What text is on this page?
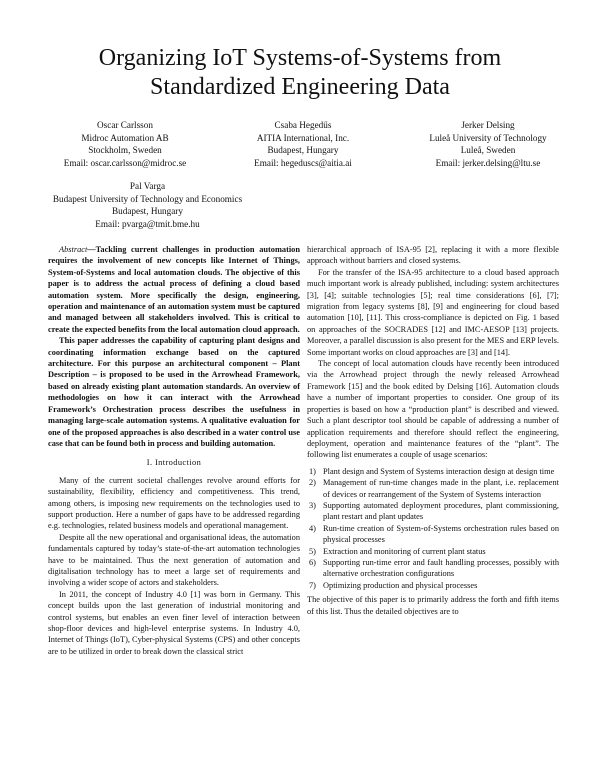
Organizing IoT Systems-of-Systems from
Standardized Engineering Data
Oscar Carlsson
Midroc Automation AB
Stockholm, Sweden
Email: oscar.carlsson@midroc.se
Csaba Hegedűs
AITIA International, Inc.
Budapest, Hungary
Email: hegeduscs@aitia.ai
Jerker Delsing
Luleå University of Technology
Luleå, Sweden
Email: jerker.delsing@ltu.se
Pal Varga
Budapest University of Technology and Economics
Budapest, Hungary
Email: pvarga@tmit.bme.hu

Abstract—Tackling current challenges in production automation requires the involvement of new concepts like Internet of Things, System-of-Systems and local automation clouds. The objective of this paper is to address the actual process of defining a cloud based automation system. More specifically the design, engineering, operation and maintenance of an automation system must be captured and managed between all stakeholders involved. This is critical to create the expected benefits from the local automation cloud approach.

This paper addresses the capability of capturing plant designs and coordinating information exchange based on the captured architecture. For this purpose an architectural component – Plant Description – is proposed to be used in the Arrowhead Framework, based on already existing plant automation standards. An overview of methodologies on how it can interact with the Arrowhead Framework’s Orchestration process describes the usefulness in managing large-scale automation systems. A qualitative evaluation for one of the proposed approaches is also described in a water control use case that can be found both in process and building automation.

I. Introduction

Many of the current societal challenges revolve around efforts for sustainability, flexibility, efficiency and competitiveness. This trend, among others, is imposing new requirements on the technologies used to support production. Here a number of gaps have to be addressed regarding e.g. technologies, related business models and operational management.

Despite all the new operational and organisational ideas, the automation fundamentals captured by today’s state-of-the-art automation technologies have to be maintained. Thus the next generation of automation and digitalisation technology has to meet a large set of requirements and involving a wider scope of actors and stakeholders.

In 2011, the concept of Industry 4.0 [1] was born in Germany. This concept builds upon the last generation of industrial monitoring and control systems, but enables an even finer level of interaction between shop-floor devices and high-level enterprise systems. In Industry 4.0, Internet of Things (IoT), Cyber-physical Systems (CPS) and other concepts are to be utilized in order to break down the classical strict

hierarchical approach of ISA-95 [2], replacing it with a more flexible approach without barriers and closed systems.

For the transfer of the ISA-95 architecture to a cloud based approach much important work is already published, including: system architectures [3], [4]; suitable technologies [5]; real time considerations [6], [7]; migration from legacy systems [8], [9] and engineering for cloud based automation [10], [11]. This cross-compliance is depicted on Fig. 1 based on approaches of the SOCRADES [12] and IMC-AESOP [13] projects. Moreover, a parallel discussion is also present for the MES and ERP levels. Some important works on cloud approaches are [3] and [14].

The concept of local automation clouds have recently been introduced via the Arrowhead project through the newly released Arrowhead Framework [15] and the book edited by Delsing [16]. Automation clouds have a number of important properties to consider. One group of its properties is based on how a “production plant” is described and viewed. Such a plant descriptor tool should be capable of addressing a number of application requirements and therefore should reflect the engineering, deployment, operation and maintenance features of the “plant”. The following list enumerates a couple of usage scenarios:

1) Plant design and System of Systems interaction design at design time
2) Management of run-time changes made in the plant, i.e. replacement of devices or rearrangement of the System of Systems interaction
3) Supporting automated deployment procedures, plant commissioning, plant restart and plant updates
4) Run-time creation of System-of-Systems orchestration rules based on physical processes
5) Extraction and monitoring of current plant status
6) Supporting run-time error and fault handling processes, possibly with alternative orchestration configurations
7) Optimizing production and physical processes

The objective of this paper is to primarily address the forth and fifth items of this list. Thus the detailed objectives are to
